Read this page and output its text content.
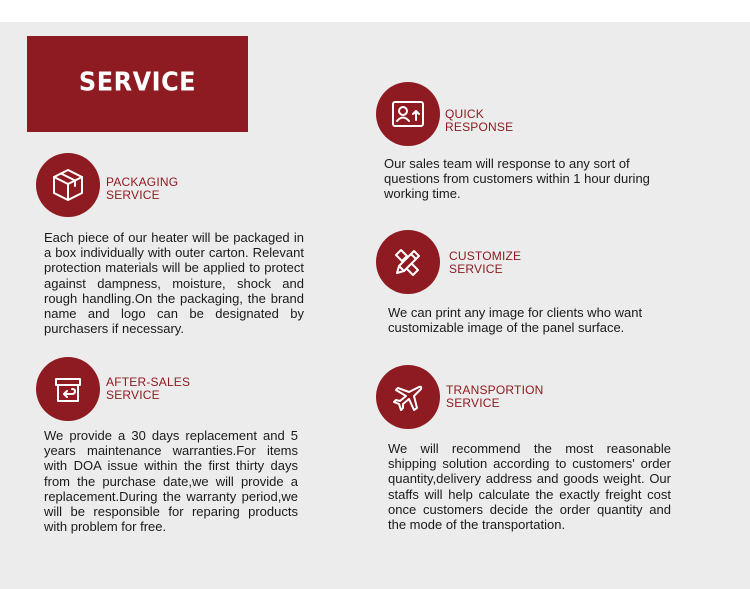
SERVICE
PACKAGING
SERVICE

Each piece of our heater will be packaged in a box individually with outer carton. Relevant protection materials will be applied to protect against dampness, moisture, shock and rough handling.On the packaging, the brand name and logo can be designated by purchasers if necessary.

AFTER-SALES
SERVICE

We provide a 30 days replacement and 5 years maintenance warranties.For items with DOA issue within the first thirty days from the purchase date,we will provide a replacement.During the warranty period,we will be responsible for reparing products with problem for free.

QUICK
RESPONSE

Our sales team will response to any sort of questions from customers within 1 hour during working time.

CUSTOMIZE
SERVICE

We can print any image for clients who want customizable image of the panel surface.

TRANSPORTION
SERVICE

We will recommend the most reasonable shipping solution according to customers' order quantity,delivery address and goods weight. Our staffs will help calculate the exactly freight cost once customers decide the order quantity and the mode of the transportation.
